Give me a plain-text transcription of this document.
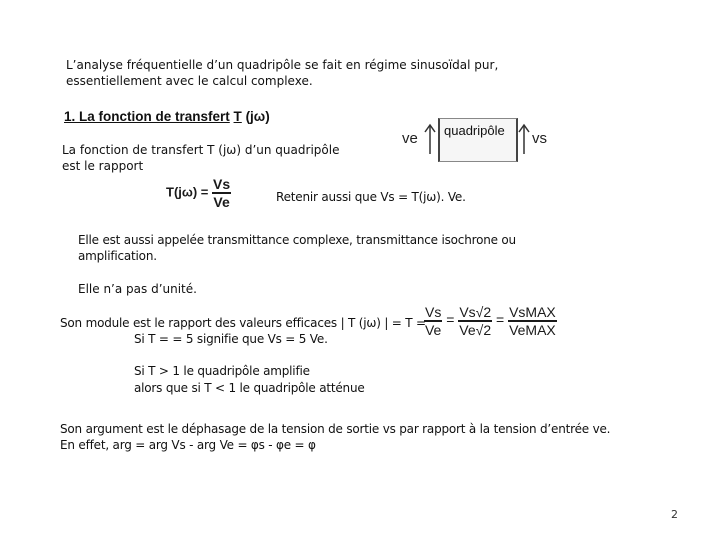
L’analyse fréquentielle d’un quadripôle se fait en régime sinusoïdal pur,

essentiellement avec le calcul complexe.

1. La fonction de transfert T (jω)
ve quadripôle vs

La fonction de transfert T (jω) d’un quadripôle

est le rapport

$T(j\omega) = \frac{Vs}{Ve}$	Retenir aussi que Vs = T(jω). Ve.

Elle est aussi appelée transmittance complexe, transmittance isochrone ou

amplification.

Elle n’a pas d’unité.

Son module est le rapport des valeurs efficaces | T (jω) | = T =

Si T = = 5 signifie que Vs = 5 Ve.

$\frac{Vs}{Ve} = \frac{Vs√2}{Ve√2} = \frac{\text{VsMAX}}{\text{VeMAX}}$

Si T > 1 le quadripôle amplifie

alors que si T < 1 le quadripôle atténue

Son argument est le déphasage de la tension de sortie vs par rapport à la tension d’entrée ve.

En effet, arg = arg Vs - arg Ve = φs - φe = φ

2
